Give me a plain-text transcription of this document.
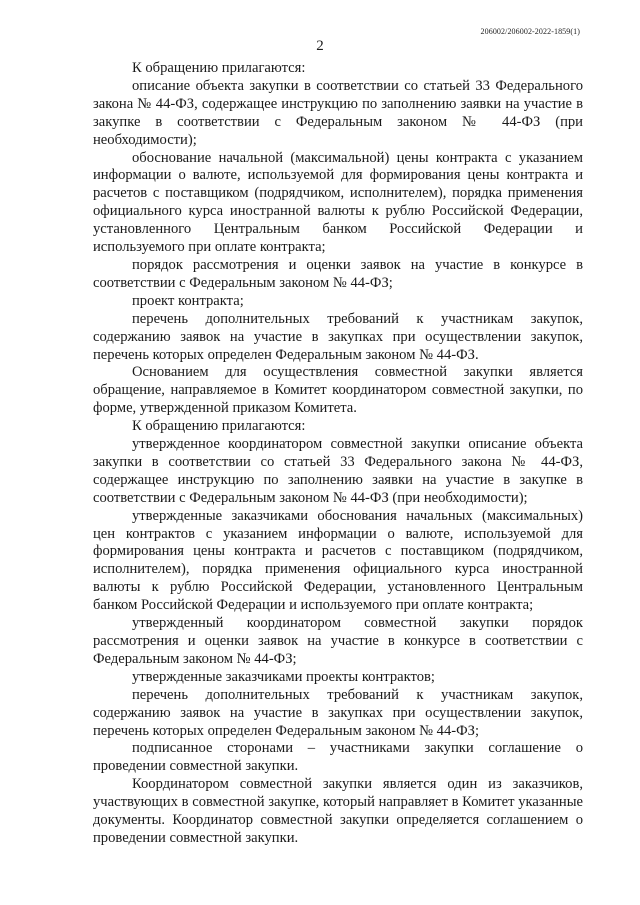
206002/206002-2022-1859(1)
2

К обращению прилагаются:

описание объекта закупки в соответствии со статьей 33 Федерального закона № 44-ФЗ, содержащее инструкцию по заполнению заявки на участие в закупке в соответствии с Федеральным законом № 44-ФЗ (при необходимости);

обоснование начальной (максимальной) цены контракта с указанием информации о валюте, используемой для формирования цены контракта и расчетов с поставщиком (подрядчиком, исполнителем), порядка применения официального курса иностранной валюты к рублю Российской Федерации, установленного Центральным банком Российской Федерации и используемого при оплате контракта;

порядок рассмотрения и оценки заявок на участие в конкурсе в соответствии с Федеральным законом № 44-ФЗ;

проект контракта;

перечень дополнительных требований к участникам закупок, содержанию заявок на участие в закупках при осуществлении закупок, перечень которых определен Федеральным законом № 44-ФЗ.

Основанием для осуществления совместной закупки является обращение, направляемое в Комитет координатором совместной закупки, по форме, утвержденной приказом Комитета.

К обращению прилагаются:

утвержденное координатором совместной закупки описание объекта закупки в соответствии со статьей 33 Федерального закона № 44-ФЗ, содержащее инструкцию по заполнению заявки на участие в закупке в соответствии с Федеральным законом № 44-ФЗ (при необходимости);

утвержденные заказчиками обоснования начальных (максимальных) цен контрактов с указанием информации о валюте, используемой для формирования цены контракта и расчетов с поставщиком (подрядчиком, исполнителем), порядка применения официального курса иностранной валюты к рублю Российской Федерации, установленного Центральным банком Российской Федерации и используемого при оплате контракта;

утвержденный координатором совместной закупки порядок рассмотрения и оценки заявок на участие в конкурсе в соответствии с Федеральным законом № 44-ФЗ;

утвержденные заказчиками проекты контрактов;

перечень дополнительных требований к участникам закупок, содержанию заявок на участие в закупках при осуществлении закупок, перечень которых определен Федеральным законом № 44-ФЗ;

подписанное сторонами – участниками закупки соглашение о проведении совместной закупки.

Координатором совместной закупки является один из заказчиков, участвующих в совместной закупке, который направляет в Комитет указанные документы. Координатор совместной закупки определяется соглашением о проведении совместной закупки.
